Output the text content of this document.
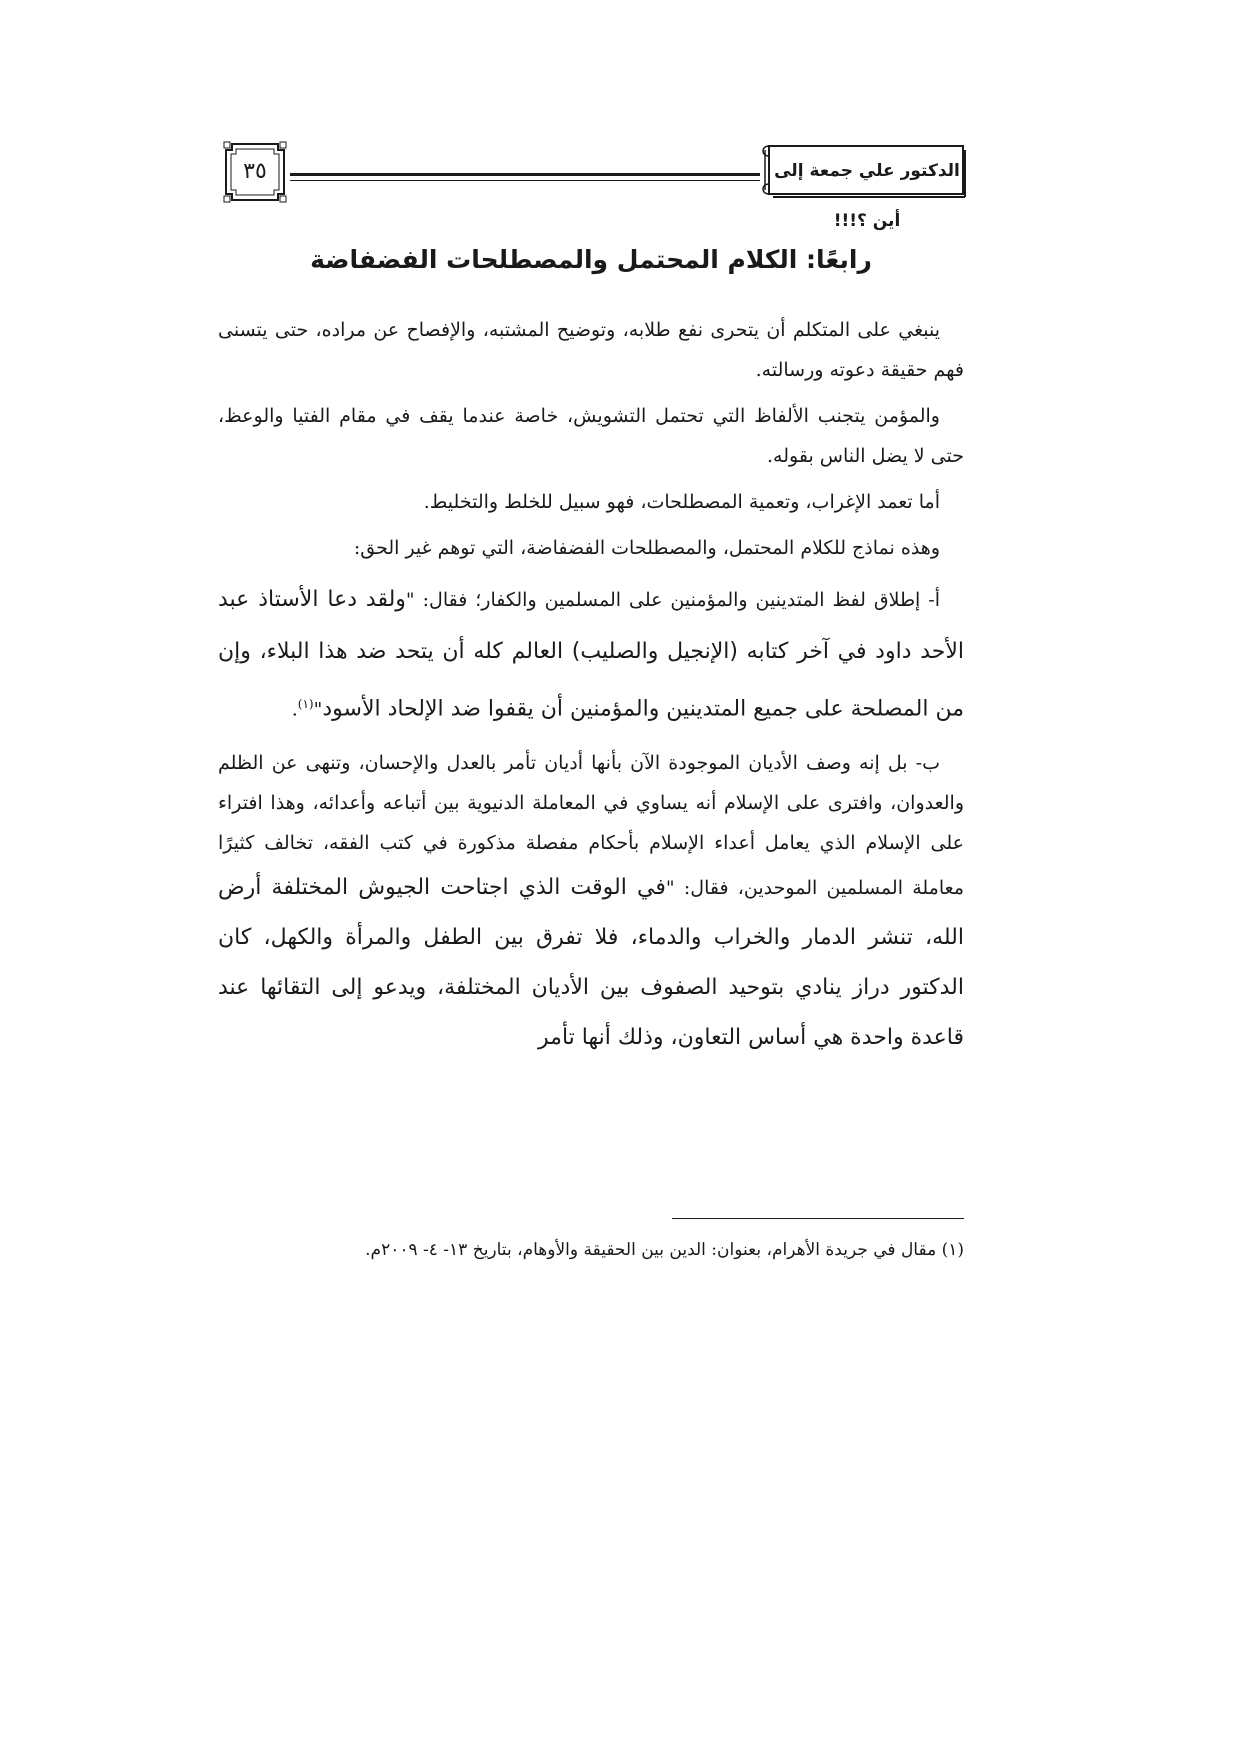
٣٥	الدكتور علي جمعة إلى أين ؟!!!
رابعًا: الكلام المحتمل والمصطلحات الفضفاضة

ينبغي على المتكلم أن يتحرى نفع طلابه، وتوضيح المشتبه، والإفصاح عن مراده، حتى يتسنى فهم حقيقة دعوته ورسالته.

والمؤمن يتجنب الألفاظ التي تحتمل التشويش، خاصة عندما يقف في مقام الفتيا والوعظ، حتى لا يضل الناس بقوله.

أما تعمد الإغراب، وتعمية المصطلحات، فهو سبيل للخلط والتخليط.

وهذه نماذج للكلام المحتمل، والمصطلحات الفضفاضة، التي توهم غير الحق:

أ- إطلاق لفظ المتدينين والمؤمنين على المسلمين والكفار؛ فقال: "ولقد دعا الأستاذ عبد الأحد داود في آخر كتابه (الإنجيل والصليب) العالم كله أن يتحد ضد هذا البلاء، وإن من المصلحة على جميع المتدينين والمؤمنين أن يقفوا ضد الإلحاد الأسود"$^{(١)}$.

ب- بل إنه وصف الأديان الموجودة الآن بأنها أديان تأمر بالعدل والإحسان، وتنهى عن الظلم والعدوان، وافترى على الإسلام أنه يساوي في المعاملة الدنيوية بين أتباعه وأعدائه، وهذا افتراء على الإسلام الذي يعامل أعداء الإسلام بأحكام مفصلة مذكورة في كتب الفقه، تخالف كثيرًا معاملة المسلمين الموحدين، فقال: "في الوقت الذي اجتاحت الجيوش المختلفة أرض الله، تنشر الدمار والخراب والدماء، فلا تفرق بين الطفل والمرأة والكهل، كان الدكتور دراز ينادي بتوحيد الصفوف بين الأديان المختلفة، ويدعو إلى التقائها عند قاعدة واحدة هي أساس التعاون، وذلك أنها تأمر

(١) مقال في جريدة الأهرام، بعنوان: الدين بين الحقيقة والأوهام، بتاريخ ١٣- ٤- ٢٠٠٩م.
